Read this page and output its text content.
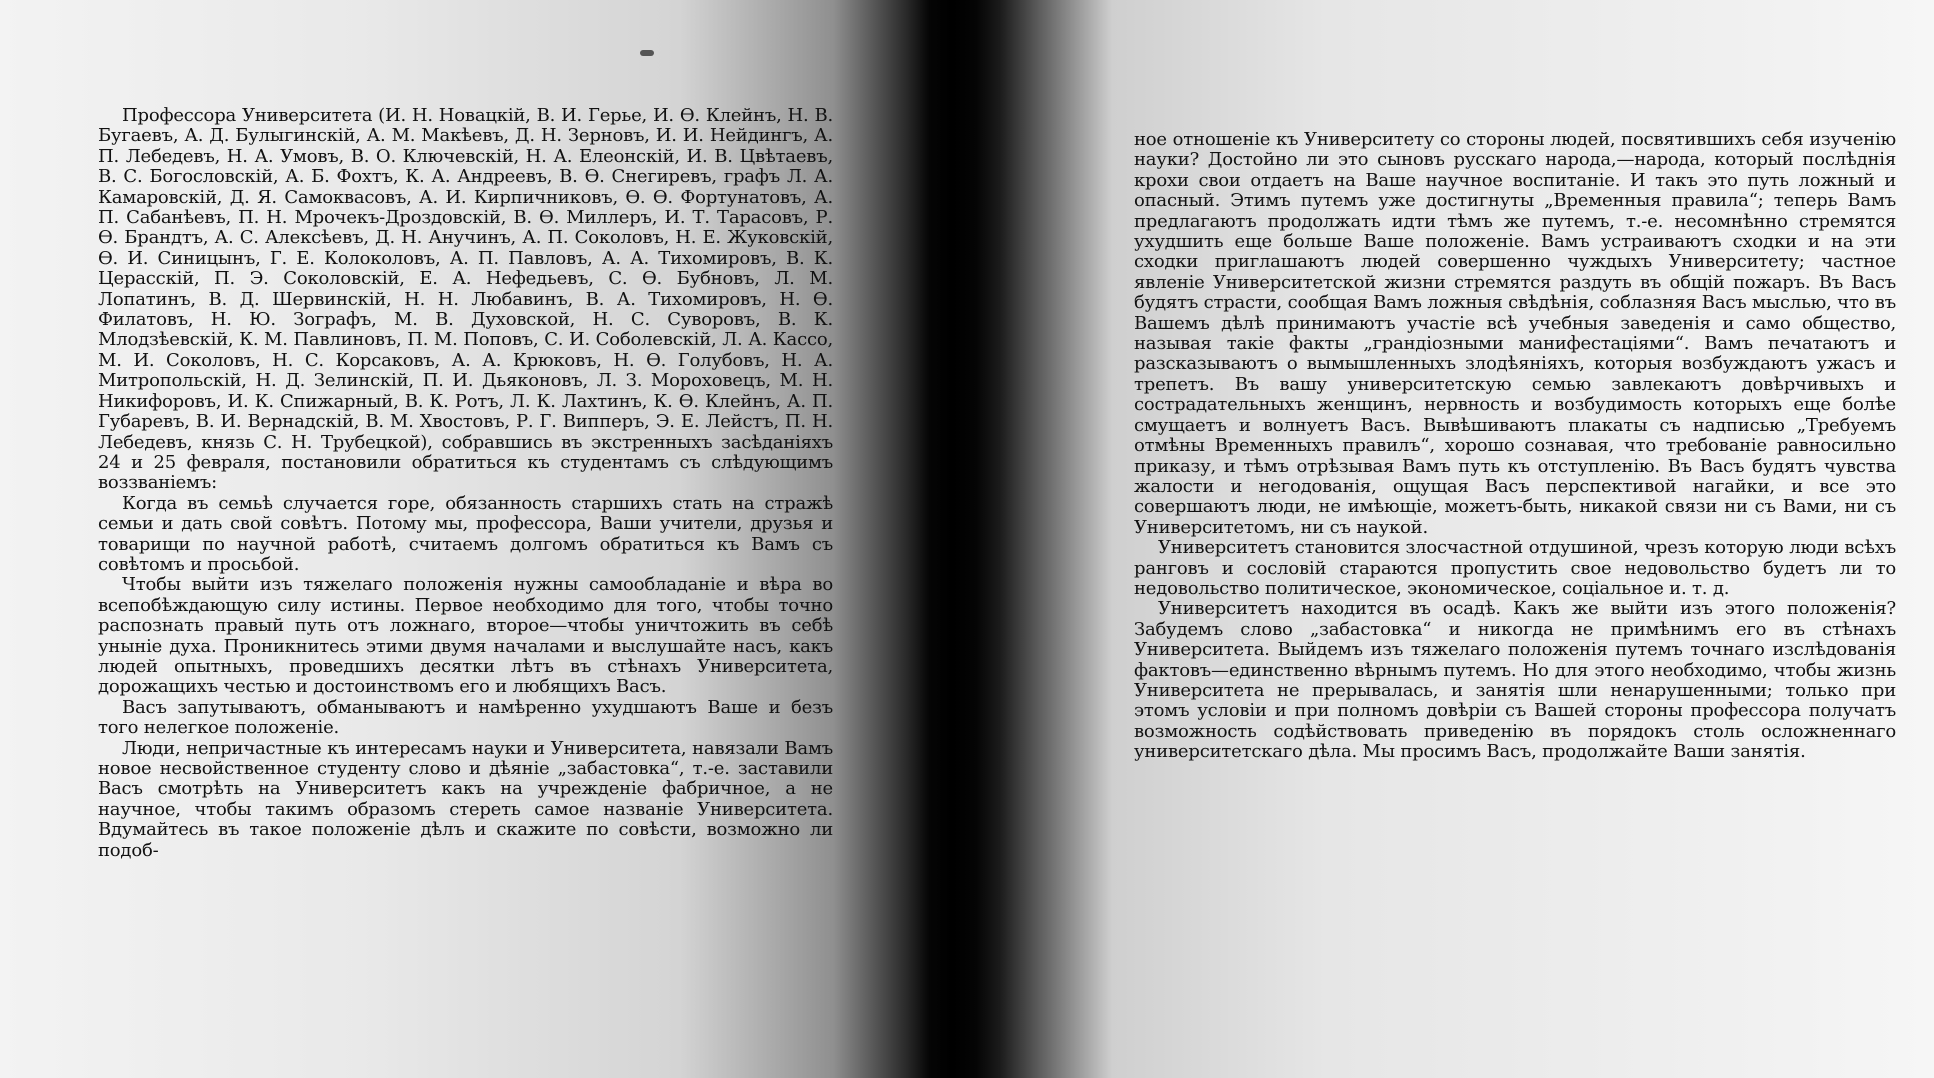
Профессора Университета (И. Н. Новацкій, В. И. Герье, И. Ѳ. Клейнъ, Н. В. Бугаевъ, А. Д. Булыгинскій, А. М. Макѣевъ, Д. Н. Зерновъ, И. И. Нейдингъ, А. П. Лебедевъ, Н. А. Умовъ, В. О. Ключевскій, Н. А. Елеонскій, И. В. Цвѣтаевъ, В. С. Богословскій, А. Б. Фохтъ, К. А. Андреевъ, В. Ѳ. Снегиревъ, графъ Л. А. Камаровскій, Д. Я. Самоквасовъ, А. И. Кирпичниковъ, Ѳ. Ѳ. Фортунатовъ, А. П. Сабанѣевъ, П. Н. Мрочекъ-Дроздовскій, В. Ѳ. Миллеръ, И. Т. Тарасовъ, Р. Ѳ. Брандтъ, А. С. Алексѣевъ, Д. Н. Анучинъ, А. П. Соколовъ, Н. Е. Жуковскій, Ѳ. И. Синицынъ, Г. Е. Колоколовъ, А. П. Павловъ, А. А. Тихомировъ, В. К. Церасскій, П. Э. Соколовскій, Е. А. Нефедьевъ, С. Ѳ. Бубновъ, Л. М. Лопатинъ, В. Д. Шервинскій, Н. Н. Любавинъ, В. А. Тихомировъ, Н. Ѳ. Филатовъ, Н. Ю. Зографъ, М. В. Духовской, Н. С. Суворовъ, В. К. Млодзѣевскій, К. М. Павлиновъ, П. М. Поповъ, С. И. Соболевскій, Л. А. Кассо, М. И. Соколовъ, Н. С. Корсаковъ, А. А. Крюковъ, Н. Ѳ. Голубовъ, Н. А. Митропольскій, Н. Д. Зелинскій, П. И. Дьяконовъ, Л. З. Мороховецъ, М. Н. Никифоровъ, И. К. Спижарный, В. К. Ротъ, Л. К. Лахтинъ, К. Ѳ. Клейнъ, А. П. Губаревъ, В. И. Вернадскій, В. М. Хвостовъ, Р. Г. Випперъ, Э. Е. Лейстъ, П. Н. Лебедевъ, князь С. Н. Трубецкой), собравшись въ экстренныхъ засѣданіяхъ 24 и 25 февраля, постановили обратиться къ студентамъ съ слѣдующимъ воззваніемъ:

Когда въ семьѣ случается горе, обязанность старшихъ стать на стражѣ семьи и дать свой совѣтъ. Потому мы, профессора, Ваши учители, друзья и товарищи по научной работѣ, считаемъ долгомъ обратиться къ Вамъ съ совѣтомъ и просьбой.

Чтобы выйти изъ тяжелаго положенія нужны самообладаніе и вѣра во всепобѣждающую силу истины. Первое необходимо для того, чтобы точно распознать правый путь отъ ложнаго, второе—чтобы уничтожить въ себѣ уныніе духа. Проникнитесь этими двумя началами и выслушайте насъ, какъ людей опытныхъ, проведшихъ десятки лѣтъ въ стѣнахъ Университета, дорожащихъ честью и достоинствомъ его и любящихъ Васъ.

Васъ запутываютъ, обманываютъ и намѣренно ухудшаютъ Ваше и безъ того нелегкое положеніе.

Люди, непричастные къ интересамъ науки и Университета, навязали Вамъ новое несвойственное студенту слово и дѣяніе „забастовка“, т.-е. заставили Васъ смотрѣть на Университетъ какъ на учрежденіе фабричное, а не научное, чтобы такимъ образомъ стереть самое названіе Университета. Вдумайтесь въ такое положеніе дѣлъ и скажите по совѣсти, возможно ли подоб-

ное отношеніе къ Университету со стороны людей, посвятившихъ себя изученію науки? Достойно ли это сыновъ русскаго народа,—народа, который послѣднія крохи свои отдаетъ на Ваше научное воспитаніе. И такъ это путь ложный и опасный. Этимъ путемъ уже достигнуты „Временныя правила“; теперь Вамъ предлагаютъ продолжать идти тѣмъ же путемъ, т.-е. несомнѣнно стремятся ухудшить еще больше Ваше положеніе. Вамъ устраиваютъ сходки и на эти сходки приглашаютъ людей совершенно чуждыхъ Университету; частное явленіе Университетской жизни стремятся раздуть въ общій пожаръ. Въ Васъ будятъ страсти, сообщая Вамъ ложныя свѣдѣнія, соблазняя Васъ мыслью, что въ Вашемъ дѣлѣ принимаютъ участіе всѣ учебныя заведенія и само общество, называя такіе факты „грандіозными манифестаціями“. Вамъ печатаютъ и разсказываютъ о вымышленныхъ злодѣяніяхъ, которыя возбуждаютъ ужасъ и трепетъ. Въ вашу университетскую семью завлекаютъ довѣрчивыхъ и сострадательныхъ женщинъ, нервность и возбудимость которыхъ еще болѣе смущаетъ и волнуетъ Васъ. Вывѣшиваютъ плакаты съ надписью „Требуемъ отмѣны Временныхъ правилъ“, хорошо сознавая, что требованіе равносильно приказу, и тѣмъ отрѣзывая Вамъ путь къ отступленію. Въ Васъ будятъ чувства жалости и негодованія, ощущая Васъ перспективой нагайки, и все это совершаютъ люди, не имѣющіе, можетъ-быть, никакой связи ни съ Вами, ни съ Университетомъ, ни съ наукой.

Университетъ становится злосчастной отдушиной, чрезъ которую люди всѣхъ ранговъ и сословій стараются пропустить свое недовольство будетъ ли то недовольство политическое, экономическое, соціальное и. т. д.

Университетъ находится въ осадѣ. Какъ же выйти изъ этого положенія? Забудемъ слово „забастовка“ и никогда не примѣнимъ его въ стѣнахъ Университета. Выйдемъ изъ тяжелаго положенія путемъ точнаго изслѣдованія фактовъ—единственно вѣрнымъ путемъ. Но для этого необходимо, чтобы жизнь Университета не прерывалась, и занятія шли ненарушенными; только при этомъ условіи и при полномъ довѣріи съ Вашей стороны профессора получатъ возможность содѣйствовать приведенію въ порядокъ столь осложненнаго университетскаго дѣла. Мы просимъ Васъ, продолжайте Ваши занятія.
